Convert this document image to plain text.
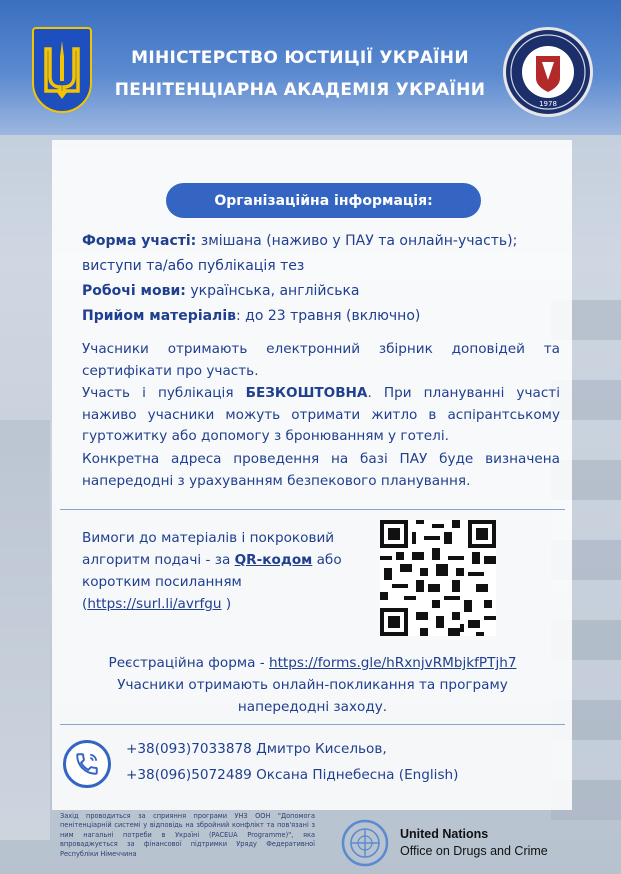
МІНІСТЕРСТВО ЮСТИЦІЇ УКРАЇНИ
ПЕНІТЕНЦІАРНА АКАДЕМІЯ УКРАЇНИ
1978
Організаційна інформація:
Форма участі: змішана (наживо у ПАУ та онлайн-участь);
виступи та/або публікація тез
Робочі мови: українська, англійська
Прийом матеріалів: до 23 травня (включно)
Учасники отримають електронний збірник доповідей та сертифікати про участь.
Участь і публікація БЕЗКОШТОВНА. При плануванні участі наживо учасники можуть отримати житло в аспірантському гуртожитку або допомогу з бронюванням у готелі.
Конкретна адреса проведення на базі ПАУ буде визначена напередодні з урахуванням безпекового планування.
Вимоги до матеріалів і покроковий алгоритм подачі - за QR-кодом або коротким посиланням
(https://surl.li/avrfgu )
Реєстраційна форма - https://forms.gle/hRxnjvRMbjkfPTjh7
Учасники отримають онлайн-покликання та програму
напередодні заходу.
+38(093)7033878 Дмитро Кисельов,
+38(096)5072489 Оксана Піднебесна (English)
Захід проводиться за сприяння програми УНЗ ООН "Допомога пенітенціарній системі у відповідь на збройний конфлікт та пов'язані з ним нагальні потреби в Україні (PACEUA Programme)", яка впроваджується за фінансової підтримки Уряду Федеративної Республіки Німеччина
United Nations
Office on Drugs and Crime
